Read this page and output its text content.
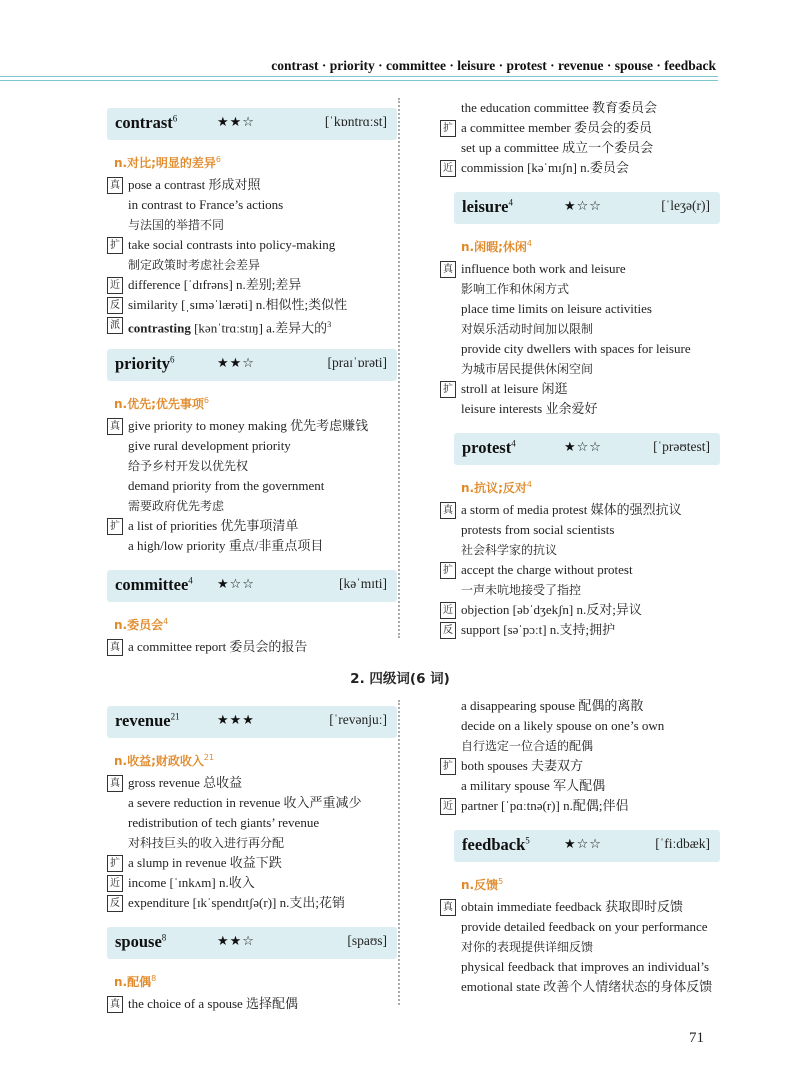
contrast · priority · committee · leisure · protest · revenue · spouse · feedback
contrast$^6$	★★☆	[ˈkɒntrɑːst]
n.对比;明显的差异$^6$
真 pose a contrast 形成对照
in contrast to France’s actions
与法国的举措不同
扩 take social contrasts into policy-making
制定政策时考虑社会差异
近 difference [ˈdɪfrəns] n.差别;差异
反 similarity [ˌsɪməˈlærəti] n.相似性;类似性
派 contrasting [kənˈtrɑːstɪŋ] a.差异大的$^3$
priority$^6$	★★☆	[praɪˈɒrəti]
n.优先;优先事项$^6$
真 give priority to money making 优先考虑赚钱
give rural development priority
给予乡村开发以优先权
demand priority from the government
需要政府优先考虑
扩 a list of priorities 优先事项清单
a high/low priority 重点/非重点项目
committee$^4$ ★☆☆	[kəˈmɪti]
n.委员会$^4$
真 a committee report 委员会的报告
the education committee 教育委员会
扩 a committee member 委员会的委员
set up a committee 成立一个委员会
近 commission [kəˈmɪʃn] n.委员会
leisure$^4$	★☆☆	[ˈleʒə(r)]
n.闲暇;休闲$^4$
真 influence both work and leisure
影响工作和休闲方式
place time limits on leisure activities
对娱乐活动时间加以限制
provide city dwellers with spaces for leisure
为城市居民提供休闲空间
扩 stroll at leisure 闲逛
leisure interests 业余爱好
protest$^4$	★☆☆	[ˈprəʊtest]
n.抗议;反对$^4$
真 a storm of media protest 媒体的强烈抗议
protests from social scientists
社会科学家的抗议
扩 accept the charge without protest
一声未吭地接受了指控
近 objection [əbˈdʒekʃn] n.反对;异议
反 support [səˈpɔːt] n.支持;拥护
2. 四级词(6 词)
revenue$^{21}$	★★★	[ˈrevənjuː]
n.收益;财政收入$^{21}$
真 gross revenue 总收益
a severe reduction in revenue 收入严重减少
redistribution of tech giants’ revenue
对科技巨头的收入进行再分配
扩 a slump in revenue 收益下跌
近 income [ˈɪnkʌm] n.收入
反 expenditure [ɪkˈspendɪtʃə(r)] n.支出;花销
spouse$^8$	★★☆	[spaʊs]
n.配偶$^8$
真 the choice of a spouse 选择配偶
a disappearing spouse 配偶的离散
decide on a likely spouse on one’s own
自行选定一位合适的配偶
扩 both spouses 夫妻双方
a military spouse 军人配偶
近 partner [ˈpɑːtnə(r)] n.配偶;伴侣
feedback$^5$	★☆☆	[ˈfiːdbæk]
n.反馈$^5$
真 obtain immediate feedback 获取即时反馈
provide detailed feedback on your performance
对你的表现提供详细反馈
physical feedback that improves an individual’s
emotional state 改善个人情绪状态的身体反馈
71
